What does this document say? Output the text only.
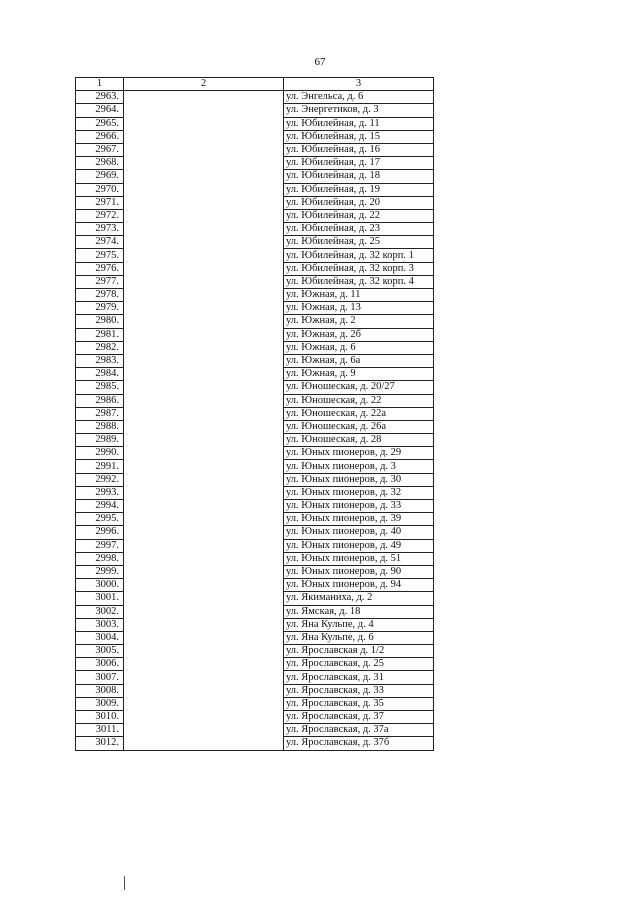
67
1	2	3
2963.		ул. Энгельса, д. 6
2964.		ул. Энергетиков, д. 3
2965.		ул. Юбилейная, д. 11
2966.		ул. Юбилейная, д. 15
2967.		ул. Юбилейная, д. 16
2968.		ул. Юбилейная, д. 17
2969.		ул. Юбилейная, д. 18
2970.		ул. Юбилейная, д. 19
2971.		ул. Юбилейная, д. 20
2972.		ул. Юбилейная, д. 22
2973.		ул. Юбилейная, д. 23
2974.		ул. Юбилейная, д. 25
2975.		ул. Юбилейная, д. 32 корп. 1
2976.		ул. Юбилейная, д. 32 корп. 3
2977.		ул. Юбилейная, д. 32 корп. 4
2978.		ул. Южная, д. 11
2979.		ул. Южная, д. 13
2980.		ул. Южная, д. 2
2981.		ул. Южная, д. 2б
2982.		ул. Южная, д. 6
2983.		ул. Южная, д. 6а
2984.		ул. Южная, д. 9
2985.		ул. Юношеская, д. 20/27
2986.		ул. Юношеская, д. 22
2987.		ул. Юношеская, д. 22а
2988.		ул. Юношеская, д. 26а
2989.		ул. Юношеская, д. 28
2990.		ул. Юных пионеров, д. 29
2991.		ул. Юных пионеров, д. 3
2992.		ул. Юных пионеров, д. 30
2993.		ул. Юных пионеров, д. 32
2994.		ул. Юных пионеров, д. 33
2995.		ул. Юных пионеров, д. 39
2996.		ул. Юных пионеров, д. 40
2997.		ул. Юных пионеров, д. 49
2998.		ул. Юных пионеров, д. 51
2999.		ул. Юных пионеров, д. 90
3000.		ул. Юных пионеров, д. 94
3001.		ул. Якиманиха, д. 2
3002.		ул. Ямская, д. 18
3003.		ул. Яна Кульпе, д. 4
3004.		ул. Яна Кульпе, д. 6
3005.		ул. Ярославская д. 1/2
3006.		ул. Ярославская, д. 25
3007.		ул. Ярославская, д. 31
3008.		ул. Ярославская, д. 33
3009.		ул. Ярославская, д. 35
3010.		ул. Ярославская, д. 37
3011.		ул. Ярославская, д. 37а
3012.		ул. Ярославская, д. 37б
